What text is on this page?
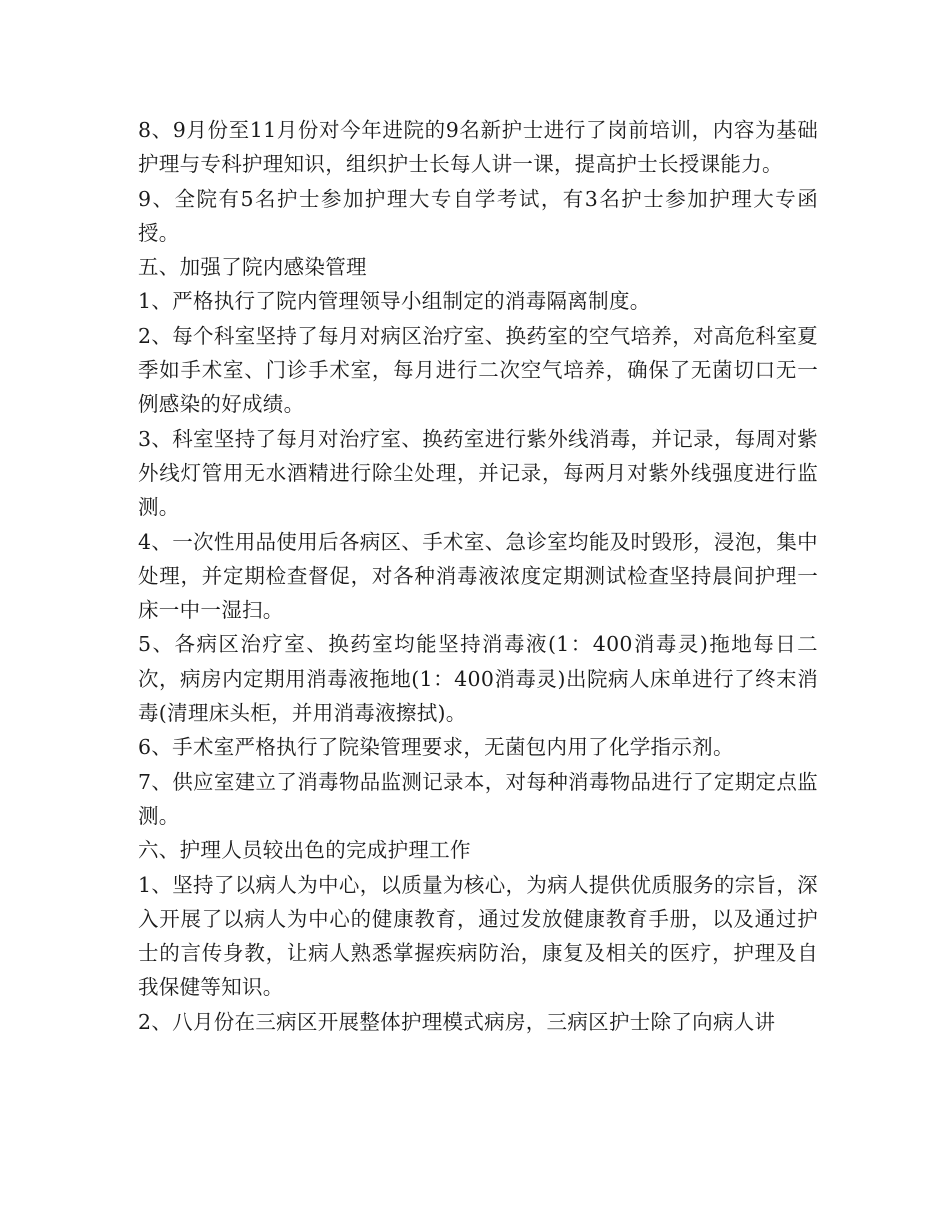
8、9月份至11月份对今年进院的9名新护士进行了岗前培训，内容为基础护理与专科护理知识，组织护士长每人讲一课，提高护士长授课能力。

9、全院有5名护士参加护理大专自学考试，有3名护士参加护理大专函授。

五、加强了院内感染管理

1、严格执行了院内管理领导小组制定的消毒隔离制度。

2、每个科室坚持了每月对病区治疗室、换药室的空气培养，对高危科室夏季如手术室、门诊手术室，每月进行二次空气培养，确保了无菌切口无一例感染的好成绩。

3、科室坚持了每月对治疗室、换药室进行紫外线消毒，并记录，每周对紫外线灯管用无水酒精进行除尘处理，并记录，每两月对紫外线强度进行监测。

4、一次性用品使用后各病区、手术室、急诊室均能及时毁形，浸泡，集中处理，并定期检查督促，对各种消毒液浓度定期测试检查坚持晨间护理一床一中一湿扫。

5、各病区治疗室、换药室均能坚持消毒液(1：400消毒灵)拖地每日二次，病房内定期用消毒液拖地(1：400消毒灵)出院病人床单进行了终末消毒(清理床头柜，并用消毒液擦拭)。

6、手术室严格执行了院染管理要求，无菌包内用了化学指示剂。

7、供应室建立了消毒物品监测记录本，对每种消毒物品进行了定期定点监测。

六、护理人员较出色的完成护理工作

1、坚持了以病人为中心，以质量为核心，为病人提供优质服务的宗旨，深入开展了以病人为中心的健康教育，通过发放健康教育手册，以及通过护士的言传身教，让病人熟悉掌握疾病防治，康复及相关的医疗，护理及自我保健等知识。

2、八月份在三病区开展整体护理模式病房，三病区护士除了向病人讲
